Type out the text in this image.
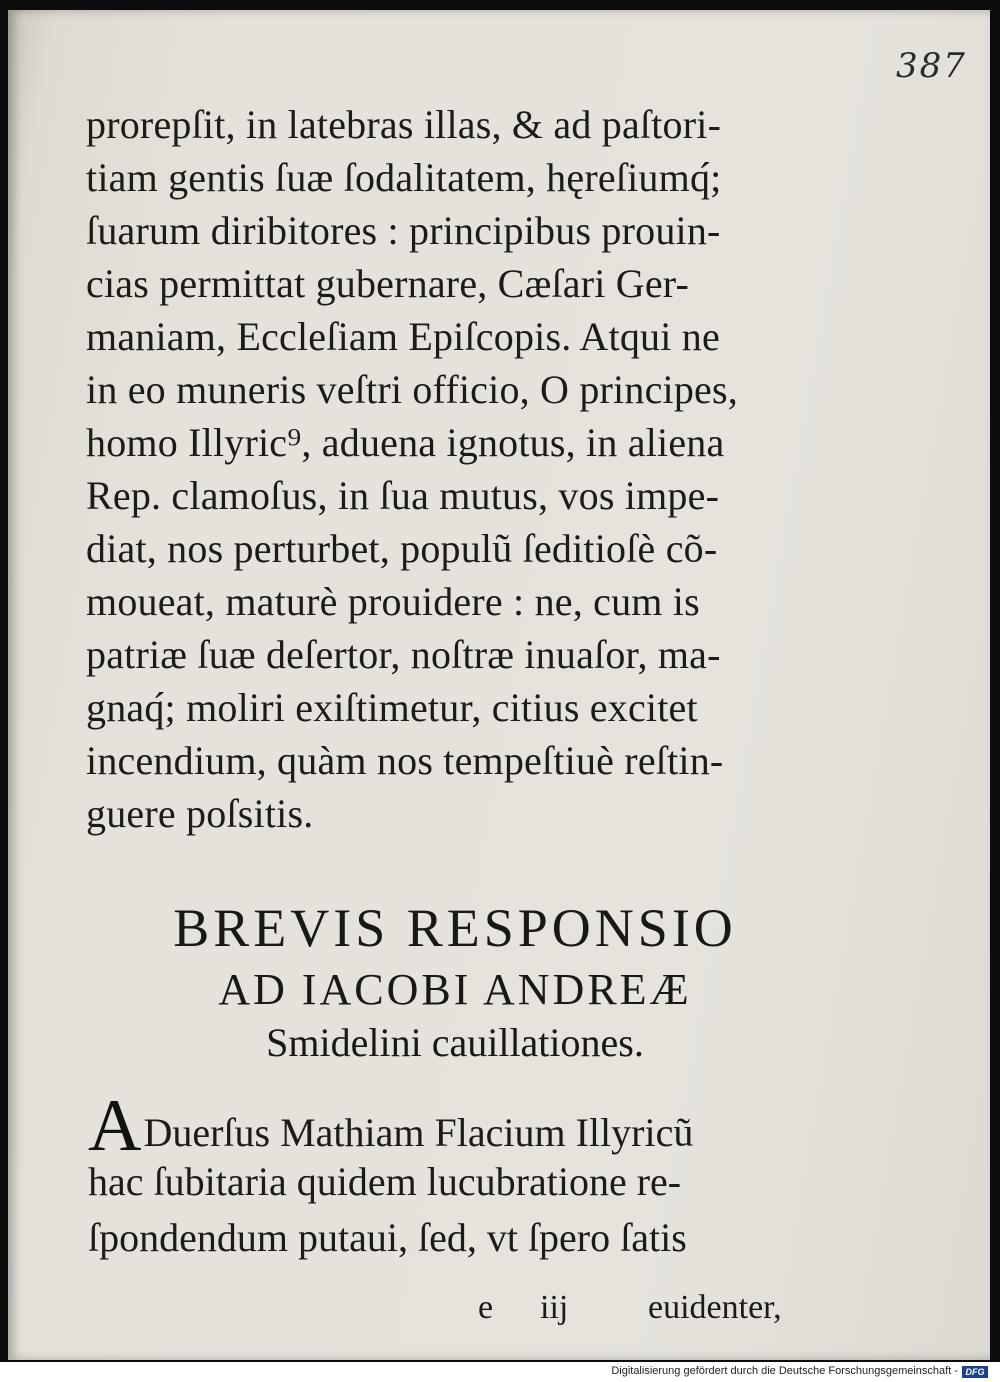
387
prorepſit, in latebras illas, & ad paſtori-
tiam gentis ſuæ ſodalitatem, hęreſiumq́;
ſuarum diribitores : principibus prouin-
cias permittat gubernare, Cæſari Ger-
maniam, Eccleſiam Epiſcopis. Atqui ne
in eo muneris veſtri officio, O principes,
homo Illyric⁹, aduena ignotus, in aliena
Rep. clamoſus, in ſua mutus, vos impe-
diat, nos perturbet, populũ ſeditioſè cõ-
moueat, maturè prouidere : ne, cum is
patriæ ſuæ deſertor, noſtræ inuaſor, ma-
gnaq́; moliri exiſtimetur, citius excitet
incendium, quàm nos tempeſtiuè reſtin-
guere poſsitis.
BREVIS RESPONSIO
AD IACOBI ANDREÆ
Smidelini cauillationes.
ADuerſus Mathiam Flacium Illyricũ
hac ſubitaria quidem lucubratione re-
ſpondendum putaui, ſed, vt ſpero ſatis
e iij euidenter,
Digitalisierung gefördert durch die Deutsche Forschungsgemeinschaft - DFG
